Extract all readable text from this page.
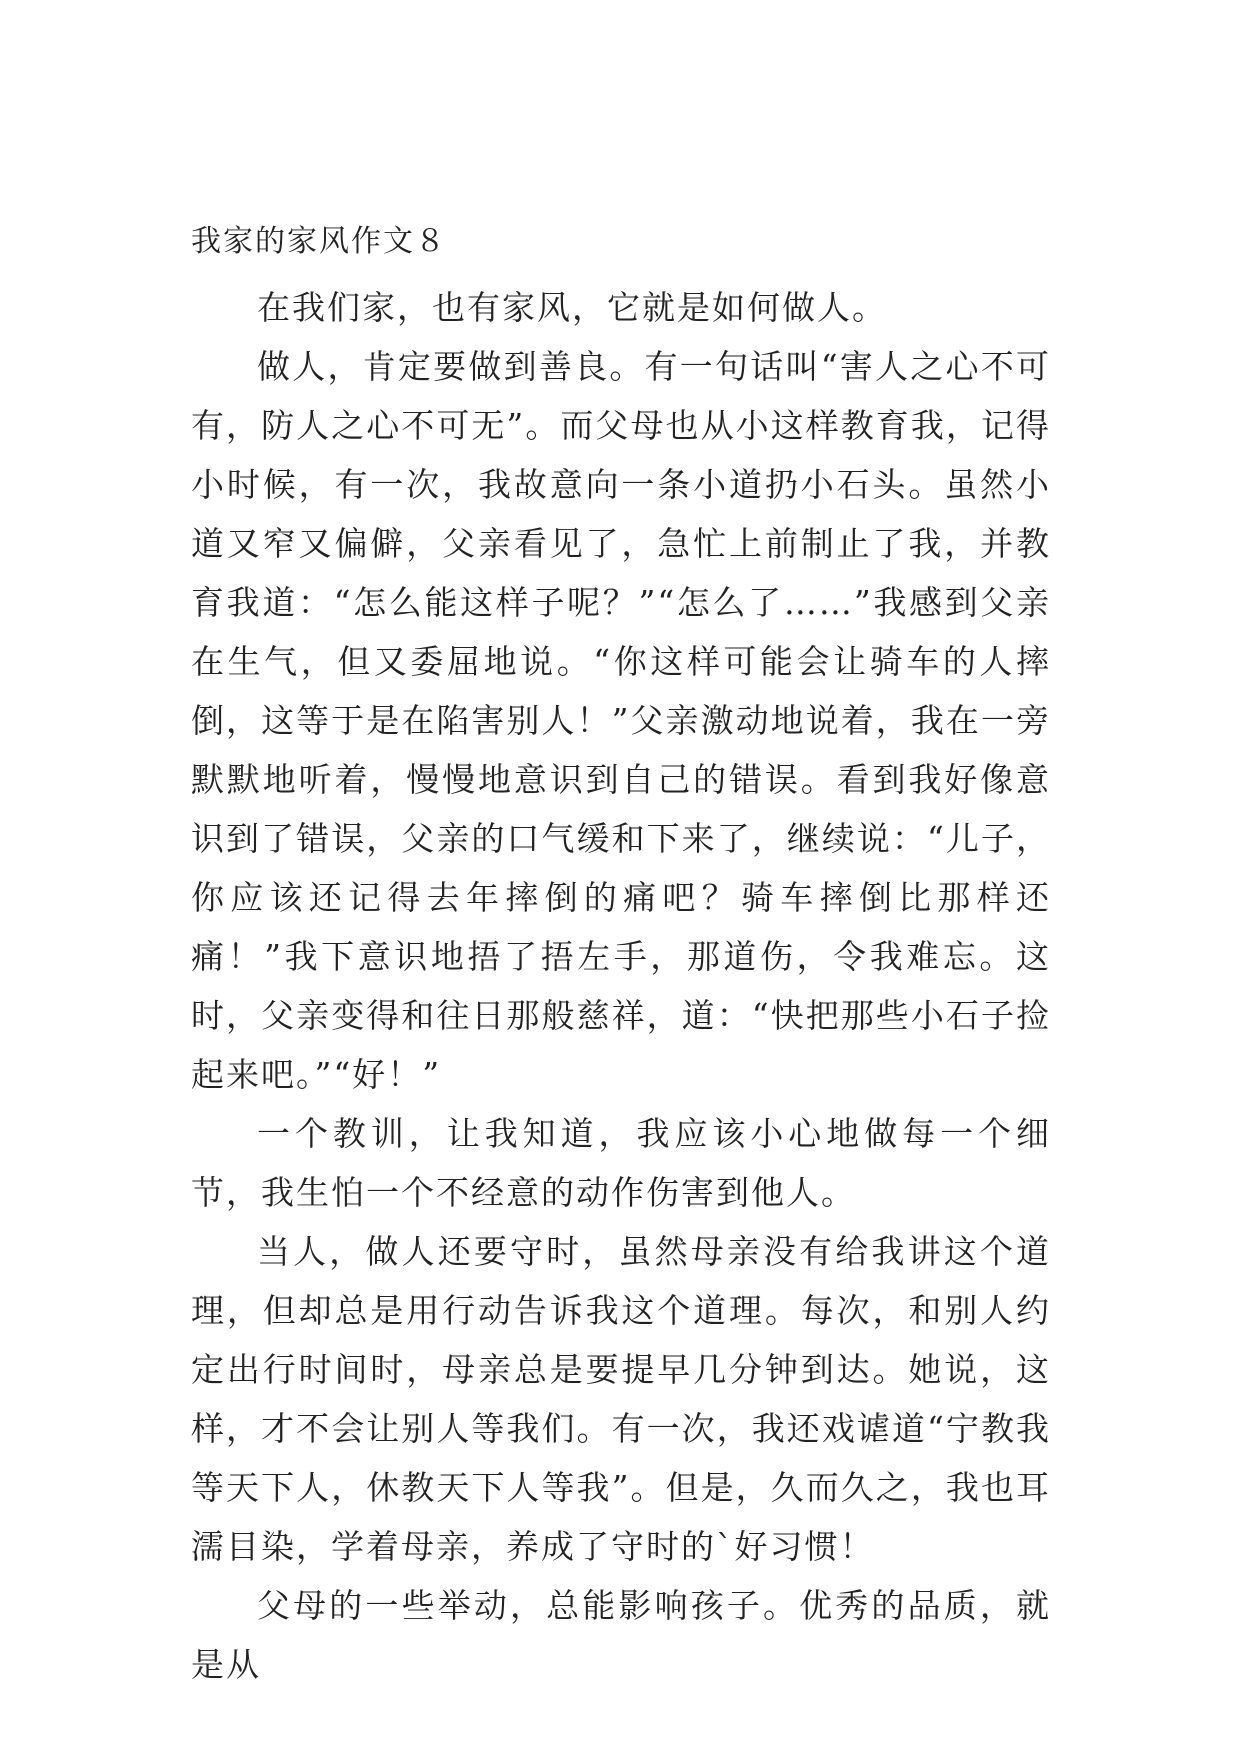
我家的家风作文８

在我们家，也有家风，它就是如何做人。

做人，肯定要做到善良。有一句话叫“害人之心不可有，防人之心不可无”。而父母也从小这样教育我，记得小时候，有一次，我故意向一条小道扔小石头。虽然小道又窄又偏僻，父亲看见了，急忙上前制止了我，并教育我道：“怎么能这样子呢？”“怎么了……”我感到父亲在生气，但又委屈地说。“你这样可能会让骑车的人摔倒，这等于是在陷害别人！”父亲激动地说着，我在一旁默默地听着，慢慢地意识到自己的错误。看到我好像意识到了错误，父亲的口气缓和下来了，继续说：“儿子，你应该还记得去年摔倒的痛吧？骑车摔倒比那样还痛！”我下意识地捂了捂左手，那道伤，令我难忘。这时，父亲变得和往日那般慈祥，道：“快把那些小石子捡起来吧。”“好！”

一个教训，让我知道，我应该小心地做每一个细节，我生怕一个不经意的动作伤害到他人。

当人，做人还要守时，虽然母亲没有给我讲这个道理，但却总是用行动告诉我这个道理。每次，和别人约定出行时间时，母亲总是要提早几分钟到达。她说，这样，才不会让别人等我们。有一次，我还戏谑道“宁教我等天下人，休教天下人等我”。但是，久而久之，我也耳濡目染，学着母亲，养成了守时的`好习惯！

父母的一些举动，总能影响孩子。优秀的品质，就是从
